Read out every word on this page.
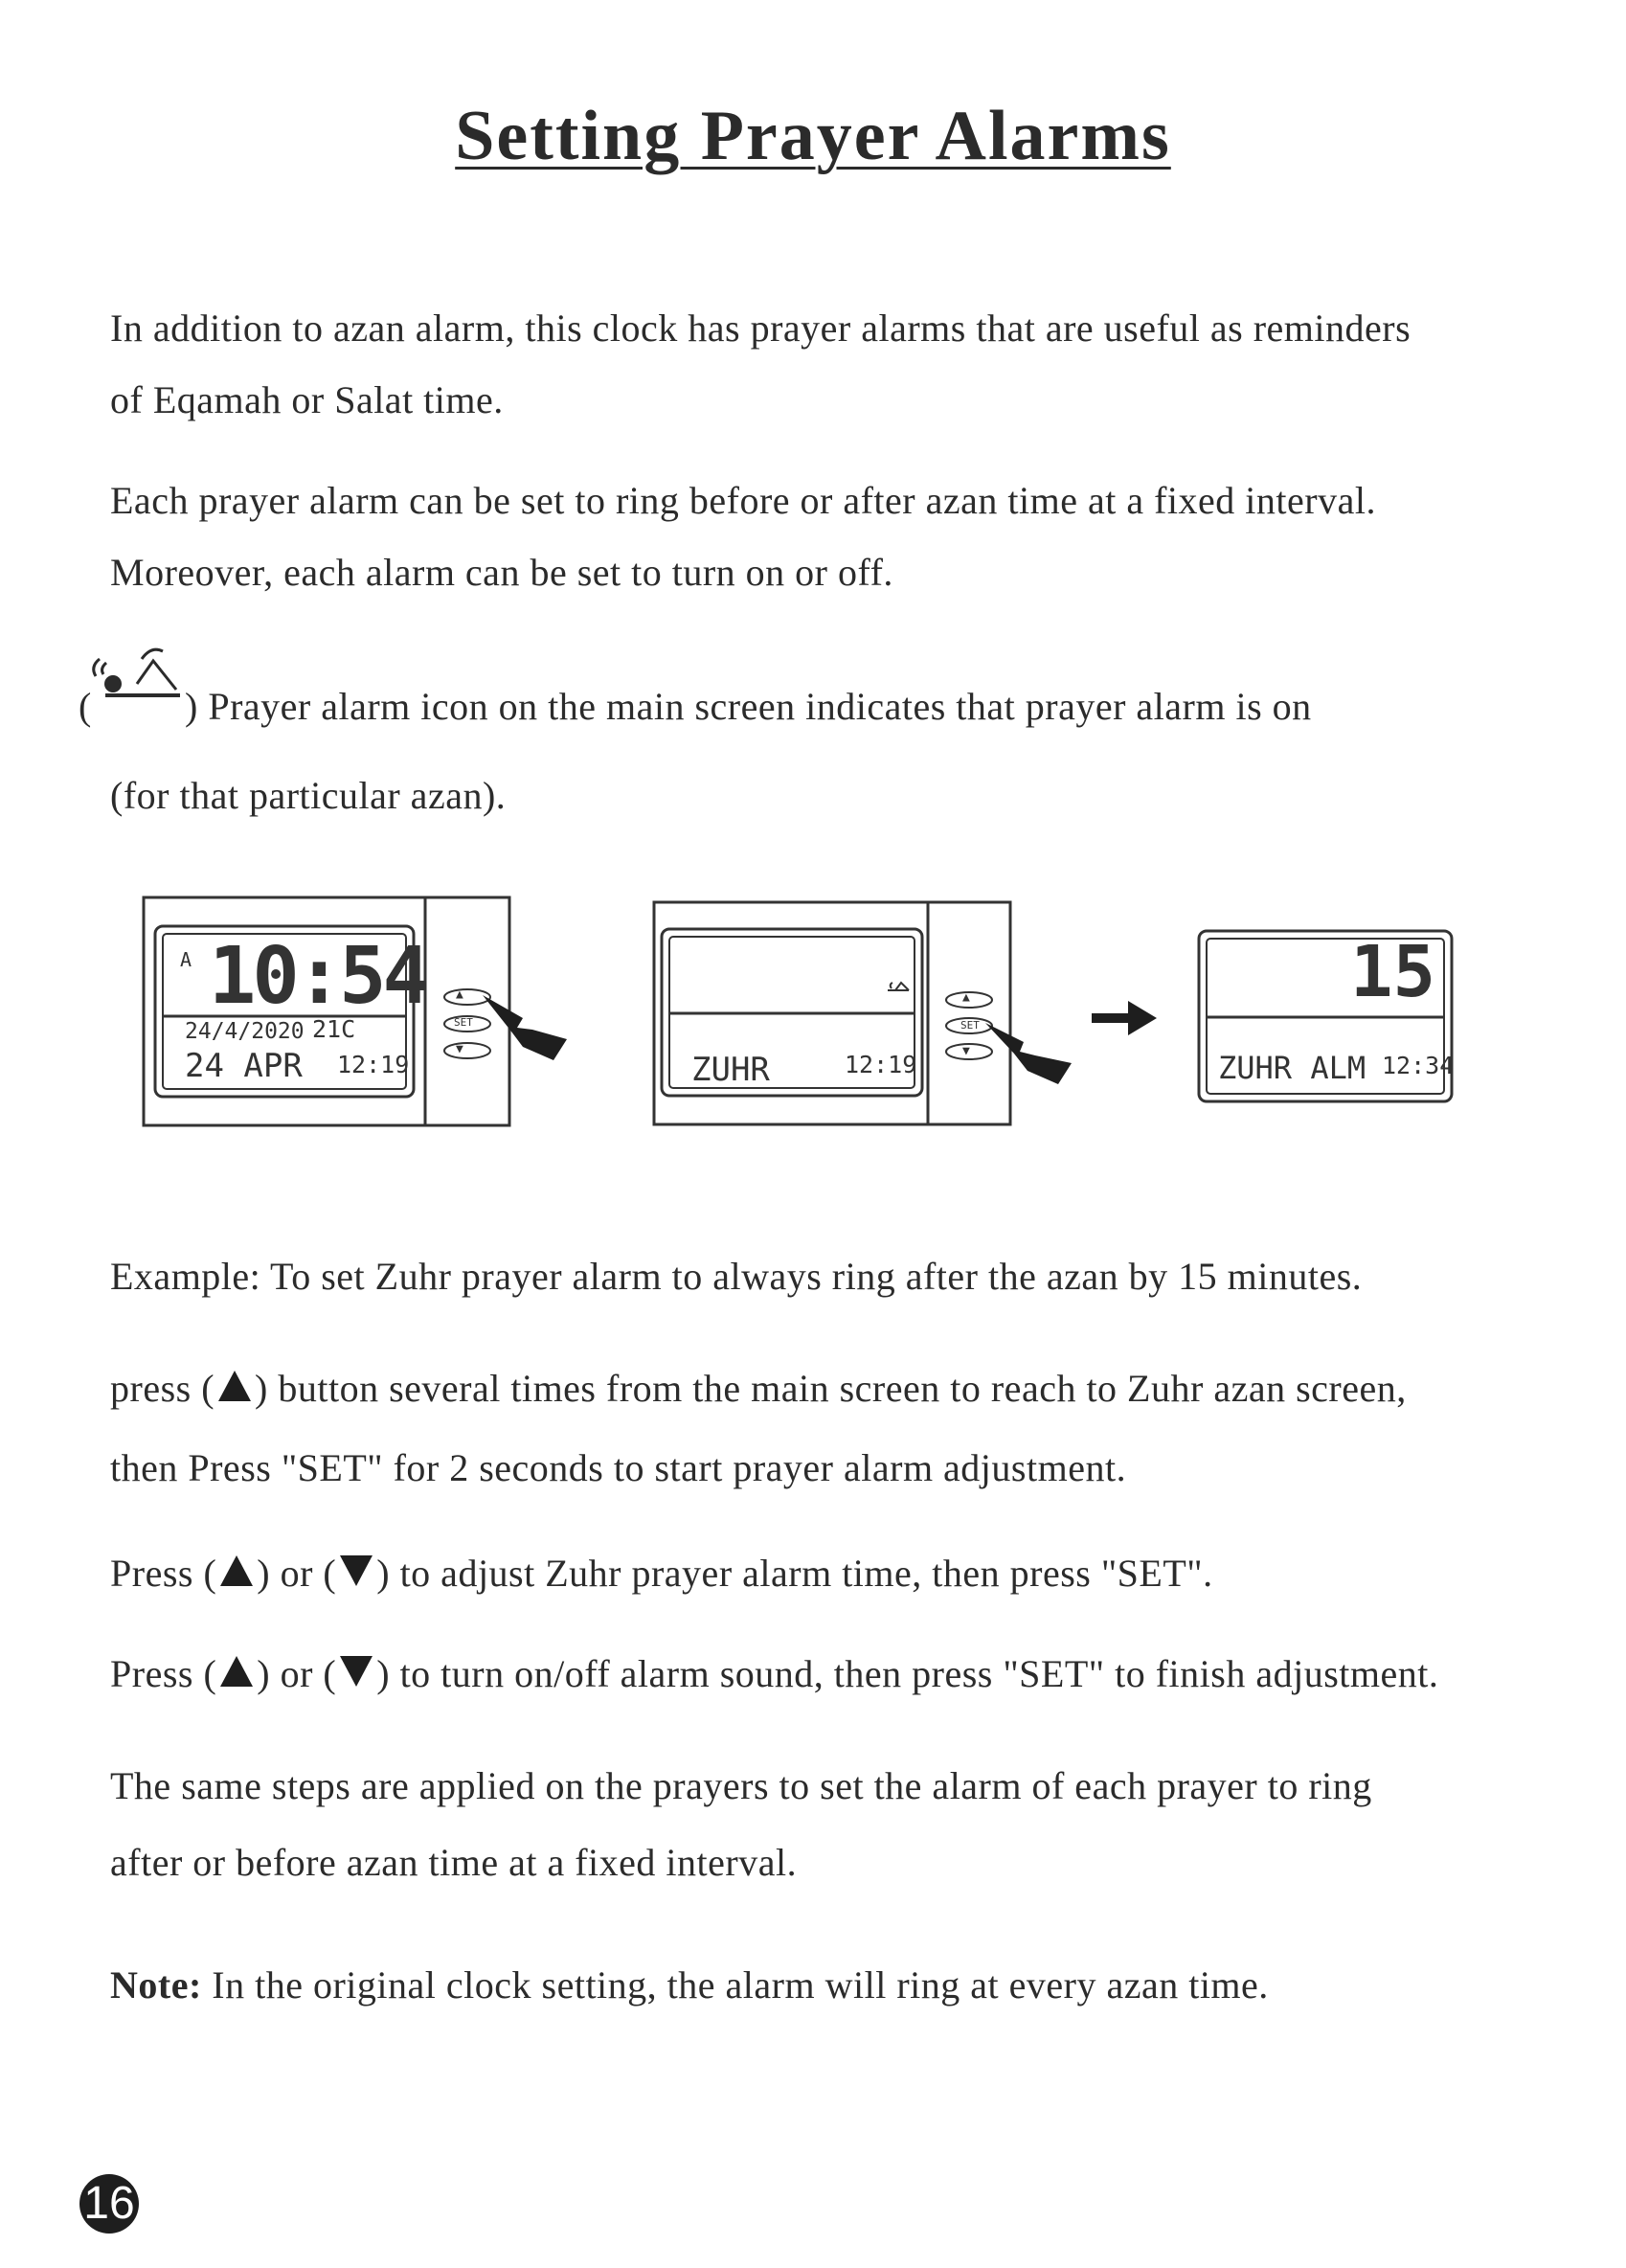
Setting Prayer Alarms
In addition to azan alarm, this clock has prayer alarms that are useful as reminders
of Eqamah or Salat time.
Each prayer alarm can be set to ring before or after azan time at a fixed interval.
Moreover, each alarm can be set to turn on or off.
(	) Prayer alarm icon on the main screen indicates that prayer alarm is on
(for that particular azan).
A 10:54
24/4/2020 21C
24 APR 12:19
▲
SET
▼
ZUHR	12:19
▲
SET
▼
15
ZUHR ALM 12:34
Example: To set Zuhr prayer alarm to always ring after the azan by 15 minutes.
press ( ) button several times from the main screen to reach to Zuhr azan screen,
then Press "SET" for 2 seconds to start prayer alarm adjustment.
Press ( ) or ( ) to adjust Zuhr prayer alarm time, then press "SET".
Press ( ) or ( ) to turn on/off alarm sound, then press "SET" to finish adjustment.
The same steps are applied on the prayers to set the alarm of each prayer to ring
after or before azan time at a fixed interval.
Note: In the original clock setting, the alarm will ring at every azan time.
16
